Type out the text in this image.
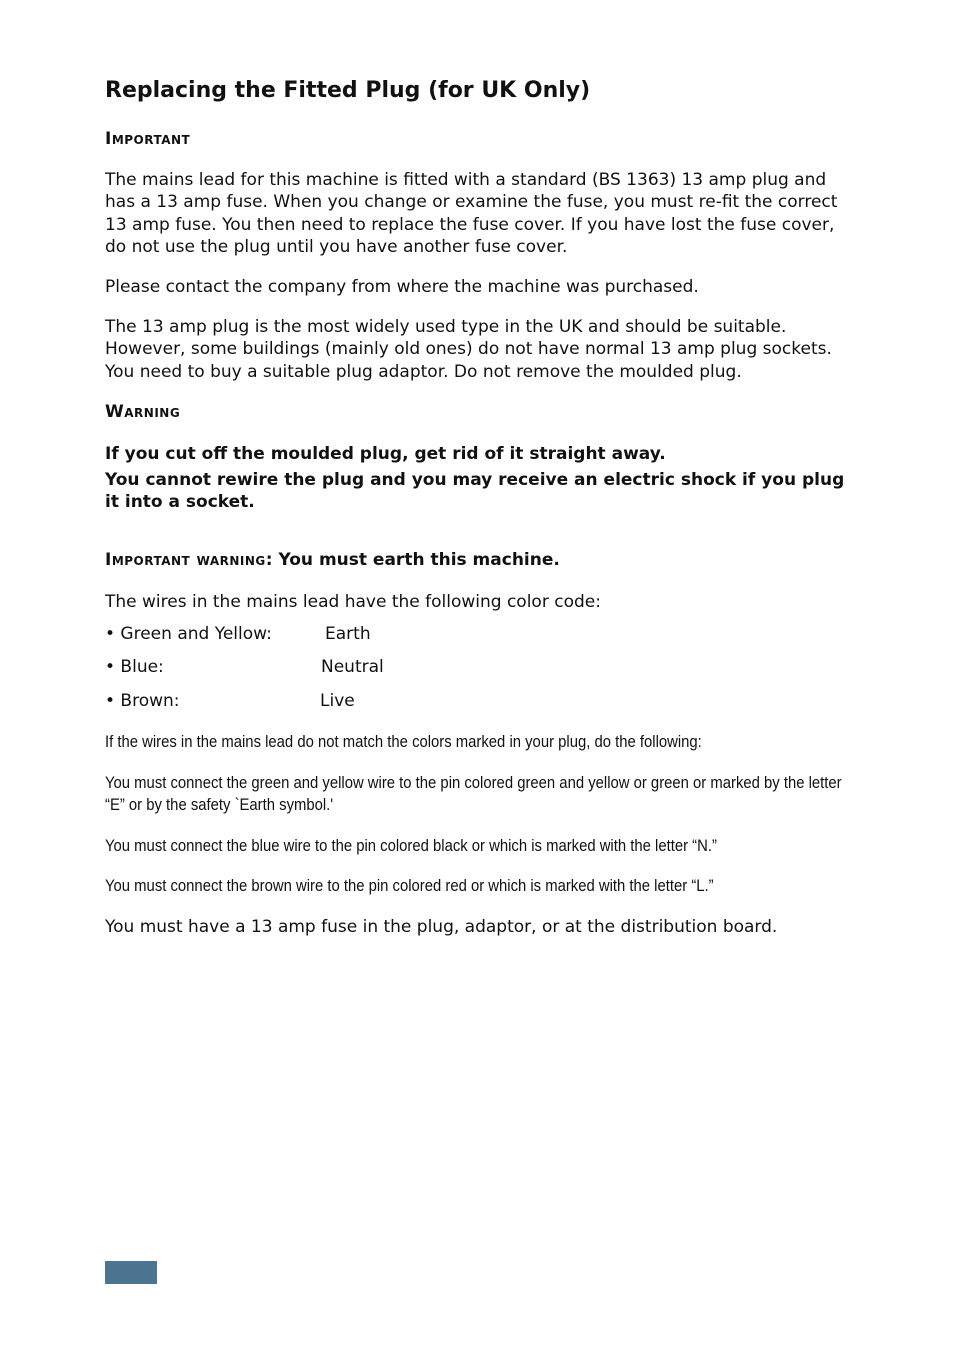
Replacing the Fitted Plug (for UK Only)
Important

The mains lead for this machine is fitted with a standard (BS 1363) 13 amp plug and has a 13 amp fuse. When you change or examine the fuse, you must re-fit the correct 13 amp fuse. You then need to replace the fuse cover. If you have lost the fuse cover, do not use the plug until you have another fuse cover.

Please contact the company from where the machine was purchased.

The 13 amp plug is the most widely used type in the UK and should be suitable. However, some buildings (mainly old ones) do not have normal 13 amp plug sockets. You need to buy a suitable plug adaptor. Do not remove the moulded plug.

Warning

If you cut off the moulded plug, get rid of it straight away.

You cannot rewire the plug and you may receive an electric shock if you plug it into a socket.

Important warning: You must earth this machine.

The wires in the mains lead have the following color code:

• Green and Yellow:	Earth
• Blue:	Neutral
• Brown:	Live

If the wires in the mains lead do not match the colors marked in your plug, do the following:

You must connect the green and yellow wire to the pin colored green and yellow or green or marked by the letter “E” or by the safety `Earth symbol.'

You must connect the blue wire to the pin colored black or which is marked with the letter “N.”

You must connect the brown wire to the pin colored red or which is marked with the letter “L.”

You must have a 13 amp fuse in the plug, adaptor, or at the distribution board.
